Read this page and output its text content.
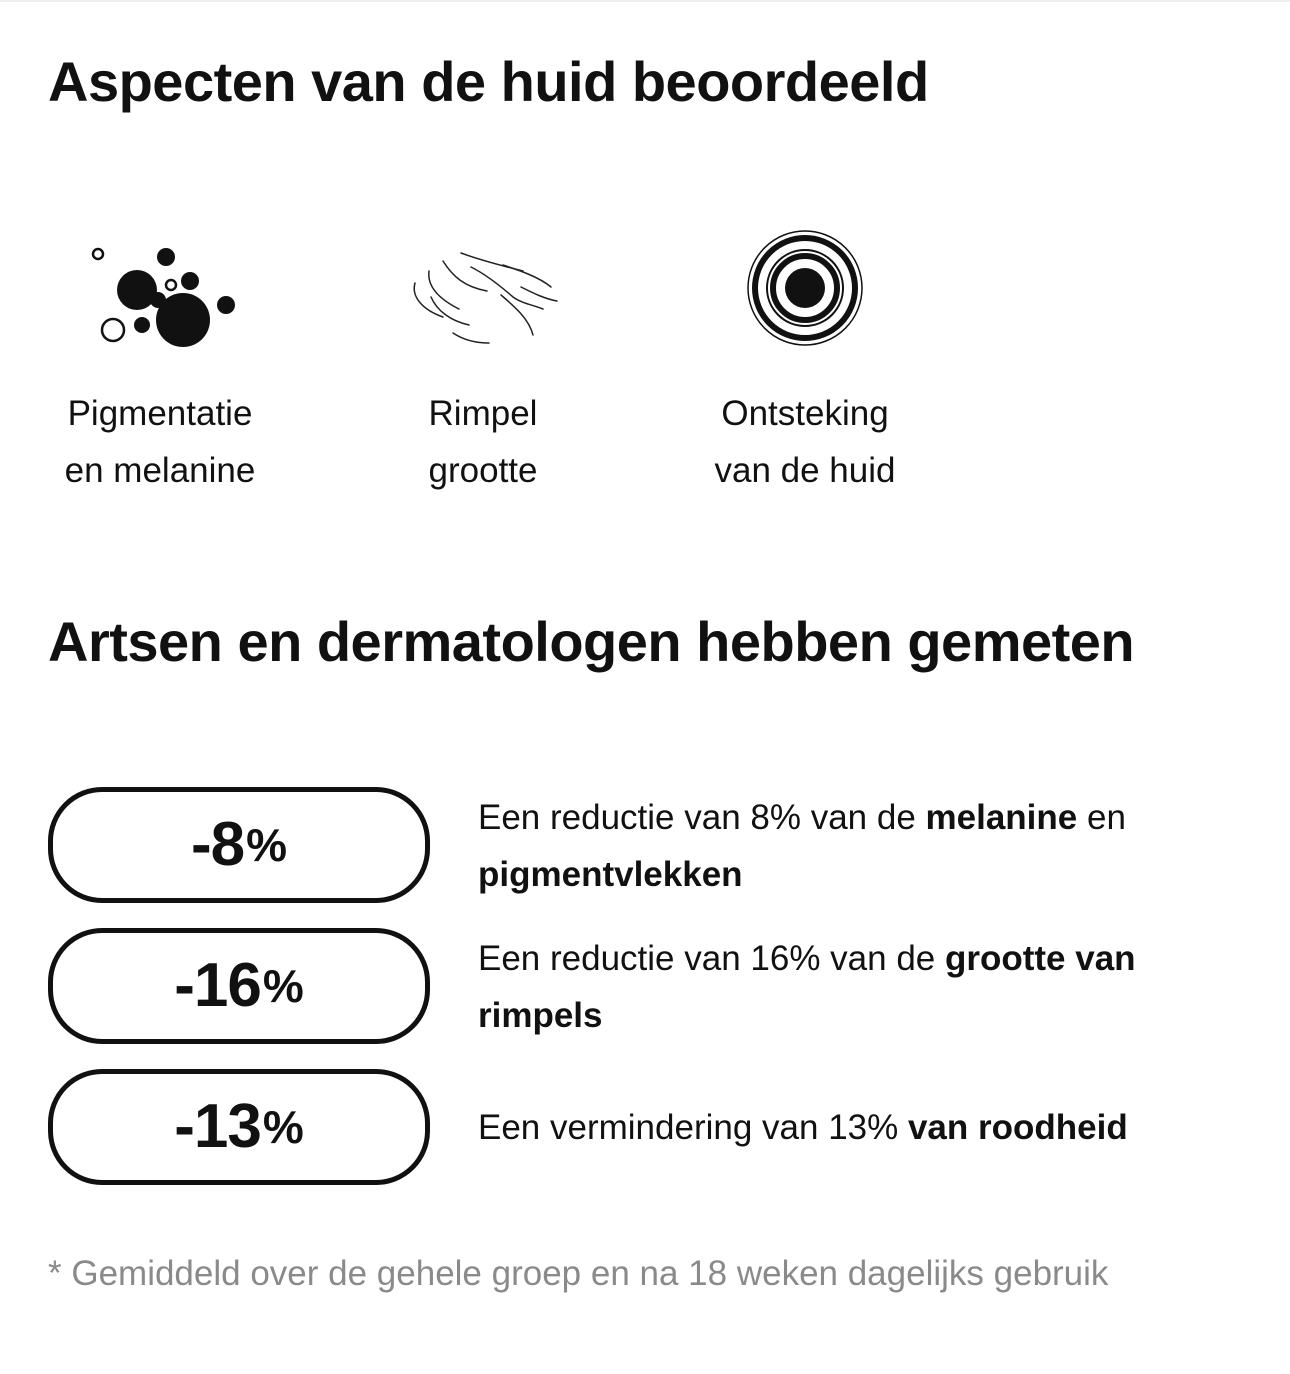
Aspecten van de huid beoordeeld
Pigmentatie
en melanine
Rimpel
grootte
Ontsteking
van de huid
Artsen en dermatologen hebben gemeten
-8 %
Een reductie van 8% van de melanine en pigmentvlekken
-16 %
Een reductie van 16% van de grootte van rimpels
-13 %	Een vermindering van 13% van roodheid
* Gemiddeld over de gehele groep en na 18 weken dagelijks gebruik
